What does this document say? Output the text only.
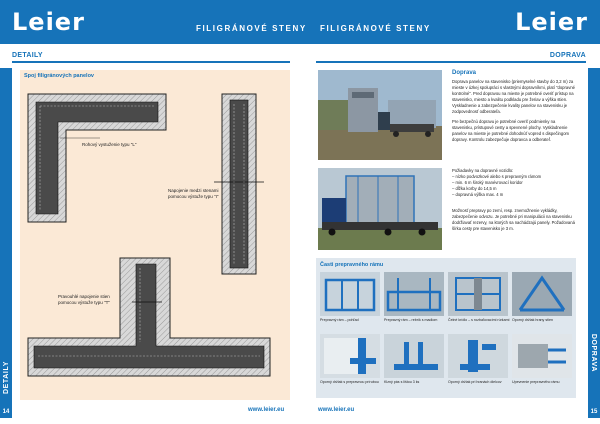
Leier	FILIGRÁNOVÉ STENY FILIGRÁNOVÉ STENY	Leier
DETAILY
DETAILY
14	www.leier.eu
Spoj filigránových panelov
Rohový vystuženie typu "L"
Napojenie medzi stenami pomocou výstuže typu "I"
Pravouhlé napojenie stien pomocou výstuže typu "T"
DOPRAVA
DOPRAVA
15
www.leier.eu
Doprava
Doprava panelov na stavenisko (priemyselné stavby do 3,2 m) za mieste v úzkej spolupráci s vlastnými dopravníkmi, platí "dopravné kontrolné". Pred dopravou na mieste je potrebné overiť prístup na stavenisko, miesto a kvalitu podkladu pre žeriav a výška stien. Vyskladnenie a zabezpečenie kvality panelov na stavenisku je zodpovednosť odberateľa.
Pre bezpečnú dopravu je potrebné overiť podmienky na stavenisku, prístupové cesty a spevnené plochy. Vyskladnenie panelov na mieste je potrebné dohodnúť vopred s dispečingom dopravy. Kontrolu zabezpečuje dopravca a odberateľ.
Požiadavky na dopravné vozidlo:
– nízko podvozkové alebo s prepravným rámom
– min. 6 m široký manévrovací koridor
– dĺžka korby do 14,5 m
– dopravná výška max. 4 m
Možnosť prepravy po zemí, resp. znemožnenie vykládky, zabezpečenie odvozu. Je potrebné pri manipulácii na stavenisku dodržiavať rezervy, na ktorých sa nachádzajú panely. Požadovaná šírka cesty pre stavenisko je 3 m.
Časti prepravného rámu
Prepravný rám – pohľad	Prepravný rám – rebrík s madlom	Čelné krídlo – s rozbaľovacími rúrkami Oporný držiak hrany stien
Oporný držiak s prepravnou prírubou	Klzný pás s lištou 3 ks	Oporný držiak pri hranách dielcov	Upevnenie prepravného rámu
